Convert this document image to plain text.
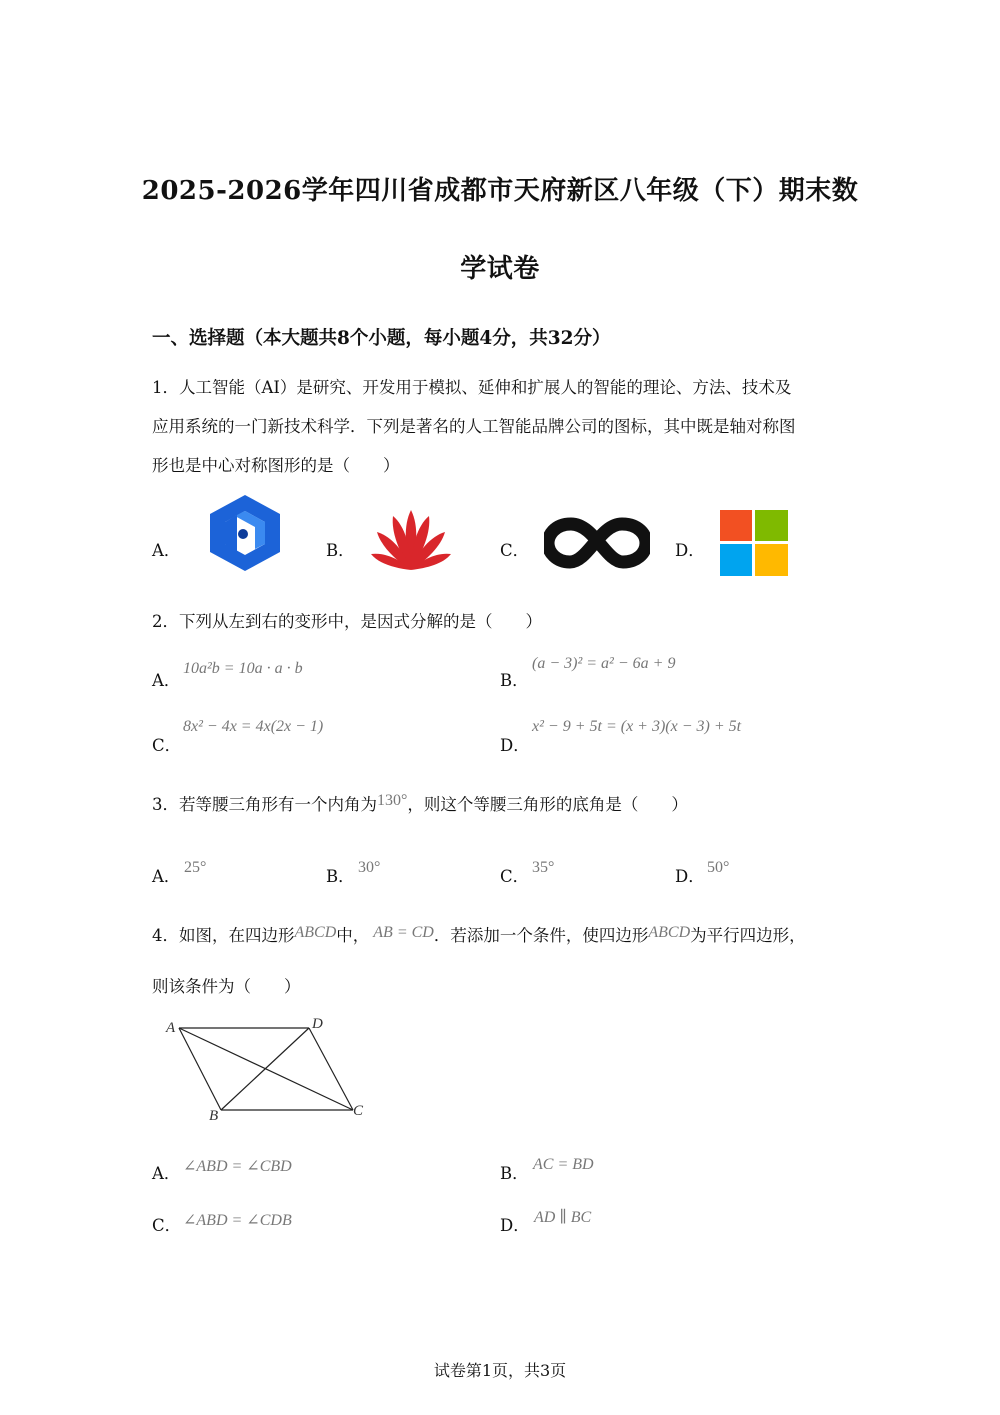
2025-2026学年四川省成都市天府新区八年级（下）期末数
学试卷
一、选择题（本大题共8个小题，每小题4分，共32分）
1．人工智能（AI）是研究、开发用于模拟、延伸和扩展人的智能的理论、方法、技术及
应用系统的一门新技术科学．下列是著名的人工智能品牌公司的图标，其中既是轴对称图
形也是中心对称图形的是（　　）
A．	B．	C．	D．
2．下列从左到右的变形中，是因式分解的是（　　）
A．
10a²b = 10a · a · b
B．
(a − 3)² = a² − 6a + 9
C．
8x² − 4x = 4x(2x − 1)
D．
x² − 9 + 5t = (x + 3)(x − 3) + 5t
3．若等腰三角形有一个内角为130°，则这个等腰三角形的底角是（　　）
A． 25°	B． 30°	C． 35°	D． 50°
4．如图，在四边形ABCD中， AB = CD．若添加一个条件，使四边形ABCD为平行四边形，
则该条件为（　　）
A	D
B	C
A． ∠ABD = ∠CBD	B． AC = BD
C． ∠ABD = ∠CDB	D． AD ∥ BC
试卷第1页，共3页
